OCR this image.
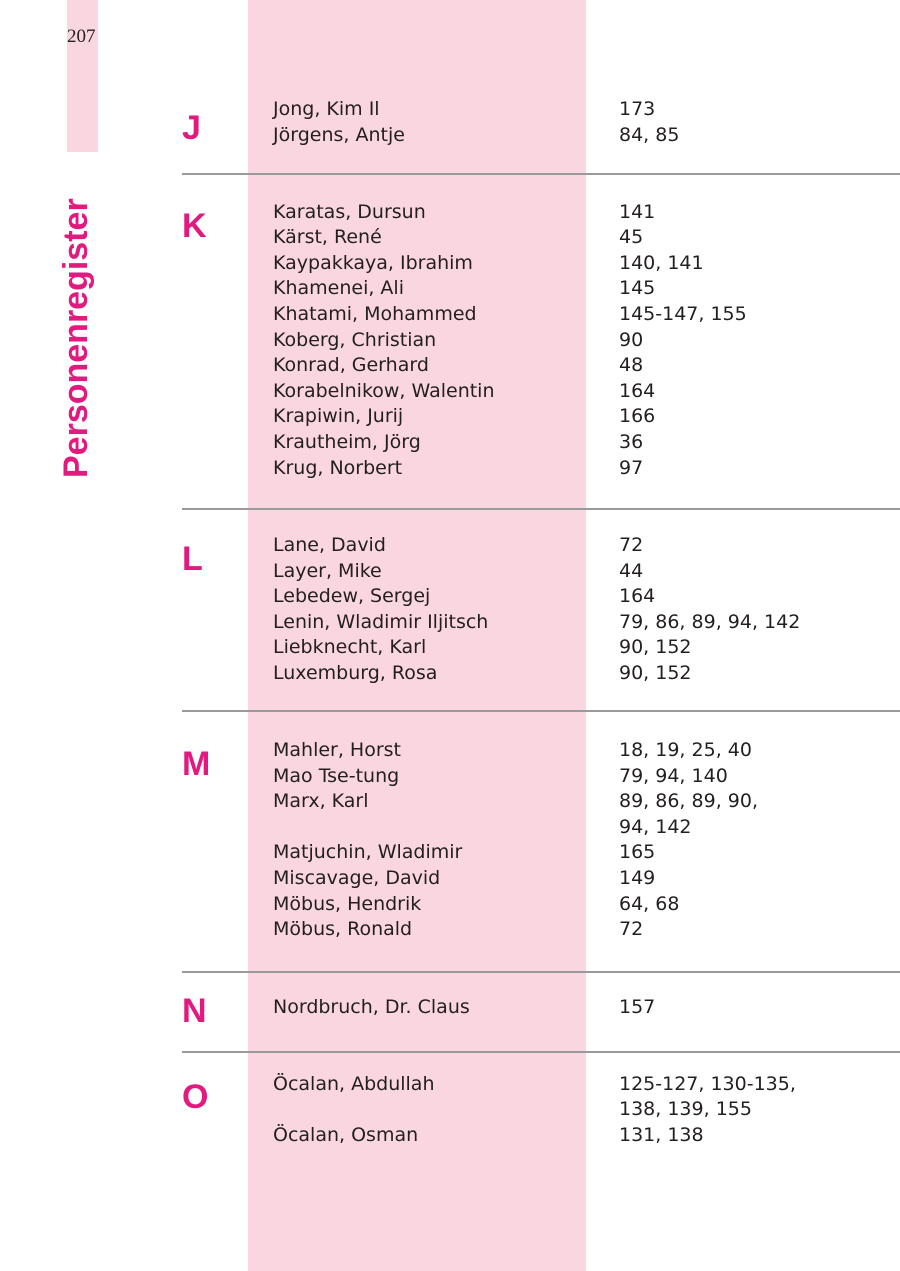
207
Personenregister
J	Jong, Kim Il	173
Jörgens, Antje	84, 85
K	Karatas, Dursun	141
Kärst, René	45
Kaypakkaya, Ibrahim	140, 141
Khamenei, Ali	145
Khatami, Mohammed	145-147, 155
Koberg, Christian	90
Konrad, Gerhard	48
Korabelnikow, Walentin	164
Krapiwin, Jurij	166
Krautheim, Jörg	36
Krug, Norbert	97
L	Lane, David	72
Layer, Mike	44
Lebedew, Sergej	164
Lenin, Wladimir Iljitsch	79, 86, 89, 94, 142
Liebknecht, Karl	90, 152
Luxemburg, Rosa	90, 152
M	Mahler, Horst	18, 19, 25, 40
Mao Tse-tung	79, 94, 140
Marx, Karl	89, 86, 89, 90,
94, 142
Matjuchin, Wladimir	165
Miscavage, David	149
Möbus, Hendrik	64, 68
Möbus, Ronald	72
N	Nordbruch, Dr. Claus	157
O	Öcalan, Abdullah	125-127, 130-135,
138, 139, 155
Öcalan, Osman	131, 138
